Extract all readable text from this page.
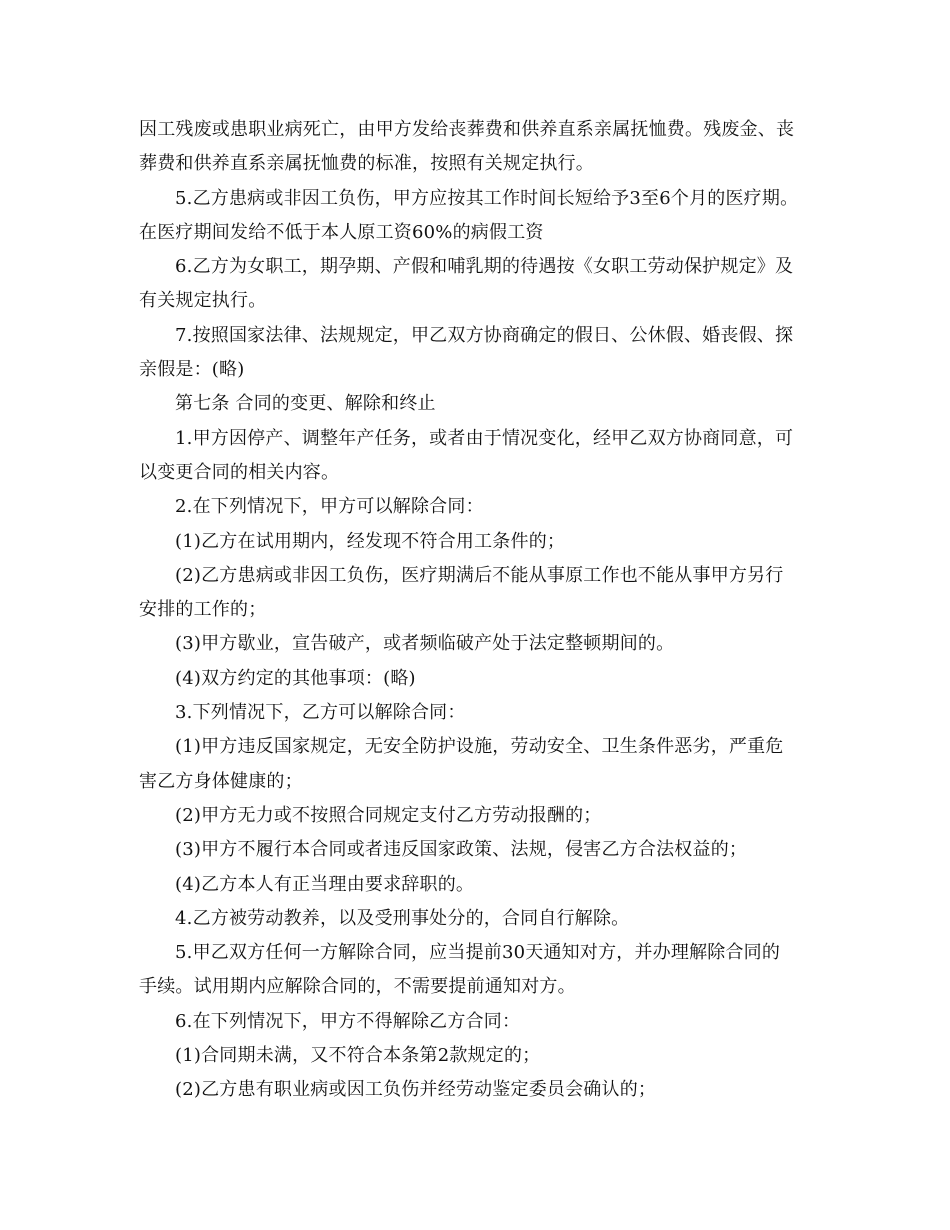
因工残废或患职业病死亡，由甲方发给丧葬费和供养直系亲属抚恤费。残废金、丧
葬费和供养直系亲属抚恤费的标准，按照有关规定执行。
5.乙方患病或非因工负伤，甲方应按其工作时间长短给予3至6个月的医疗期。
在医疗期间发给不低于本人原工资60%的病假工资
6.乙方为女职工，期孕期、产假和哺乳期的待遇按《女职工劳动保护规定》及
有关规定执行。
7.按照国家法律、法规规定，甲乙双方协商确定的假日、公休假、婚丧假、探
亲假是：(略)
第七条 合同的变更、解除和终止
1.甲方因停产、调整年产任务，或者由于情况变化，经甲乙双方协商同意，可
以变更合同的相关内容。
2.在下列情况下，甲方可以解除合同：
(1)乙方在试用期内，经发现不符合用工条件的；
(2)乙方患病或非因工负伤，医疗期满后不能从事原工作也不能从事甲方另行
安排的工作的；
(3)甲方歇业，宣告破产，或者频临破产处于法定整顿期间的。
(4)双方约定的其他事项：(略)
3.下列情况下，乙方可以解除合同：
(1)甲方违反国家规定，无安全防护设施，劳动安全、卫生条件恶劣，严重危
害乙方身体健康的；
(2)甲方无力或不按照合同规定支付乙方劳动报酬的；
(3)甲方不履行本合同或者违反国家政策、法规，侵害乙方合法权益的；
(4)乙方本人有正当理由要求辞职的。
4.乙方被劳动教养，以及受刑事处分的，合同自行解除。
5.甲乙双方任何一方解除合同，应当提前30天通知对方，并办理解除合同的
手续。试用期内应解除合同的，不需要提前通知对方。
6.在下列情况下，甲方不得解除乙方合同：
(1)合同期未满，又不符合本条第2款规定的；
(2)乙方患有职业病或因工负伤并经劳动鉴定委员会确认的；
